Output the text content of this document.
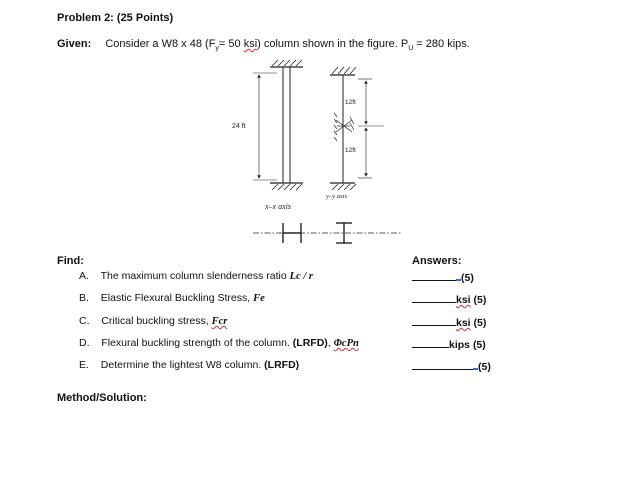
Problem 2: (25 Points)
Given: Consider a W8 x 48 ($F_y= 50$ ksi) column shown in the figure. $P_U = 280$ kips.
24 ft
x–x axis
12ft
12ft
y–y axis
Find:
A. The maximum column slenderness ratio Lc / r
B. Elastic Flexural Buckling Stress, Fe
C. Critical buckling stress, Fcr
D. Flexural buckling strength of the column. (LRFD), ΦcPn
E. Determine the lightest W8 column. (LRFD)
Answers:
(5)
ksi (5)
ksi (5)
kips (5)
(5)
Method/Solution:
